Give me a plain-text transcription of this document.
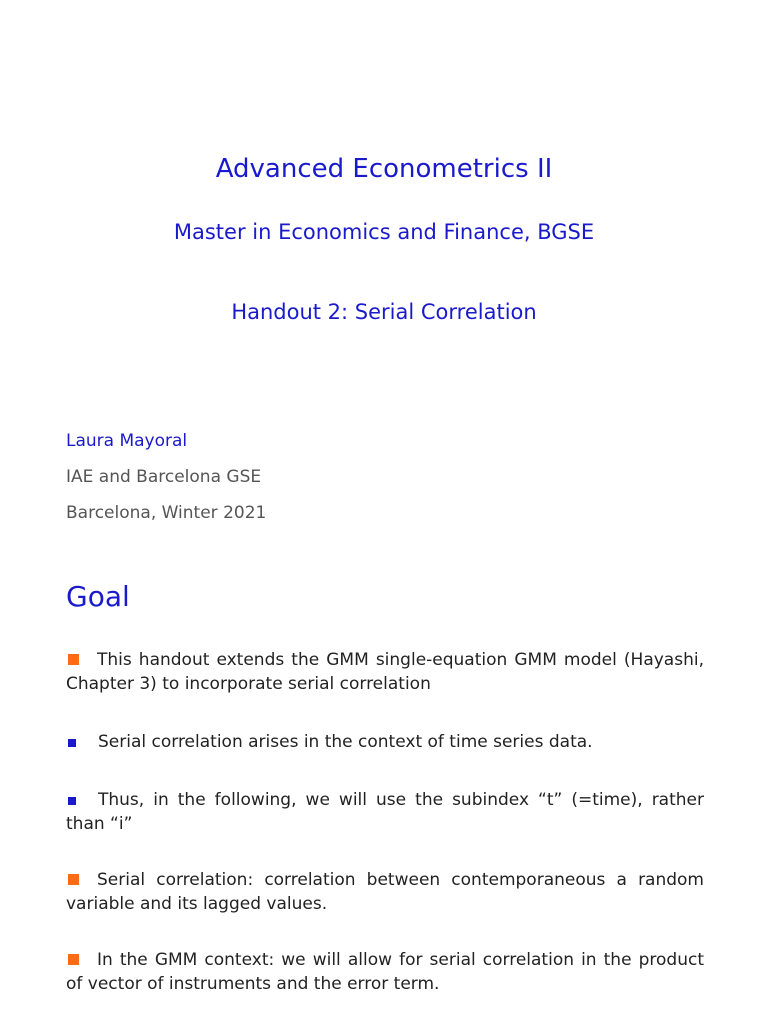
Advanced Econometrics II
Master in Economics and Finance, BGSE
Handout 2: Serial Correlation
Laura Mayoral
IAE and Barcelona GSE
Barcelona, Winter 2021
Goal
This handout extends the GMM single-equation GMM model (Hayashi, Chapter 3) to incorporate serial correlation
Serial correlation arises in the context of time series data.
Thus, in the following, we will use the subindex “t” (=time), rather than “i”
Serial correlation: correlation between contemporaneous a random variable and its lagged values.
In the GMM context: we will allow for serial correlation in the product of vector of instruments and the error term.
